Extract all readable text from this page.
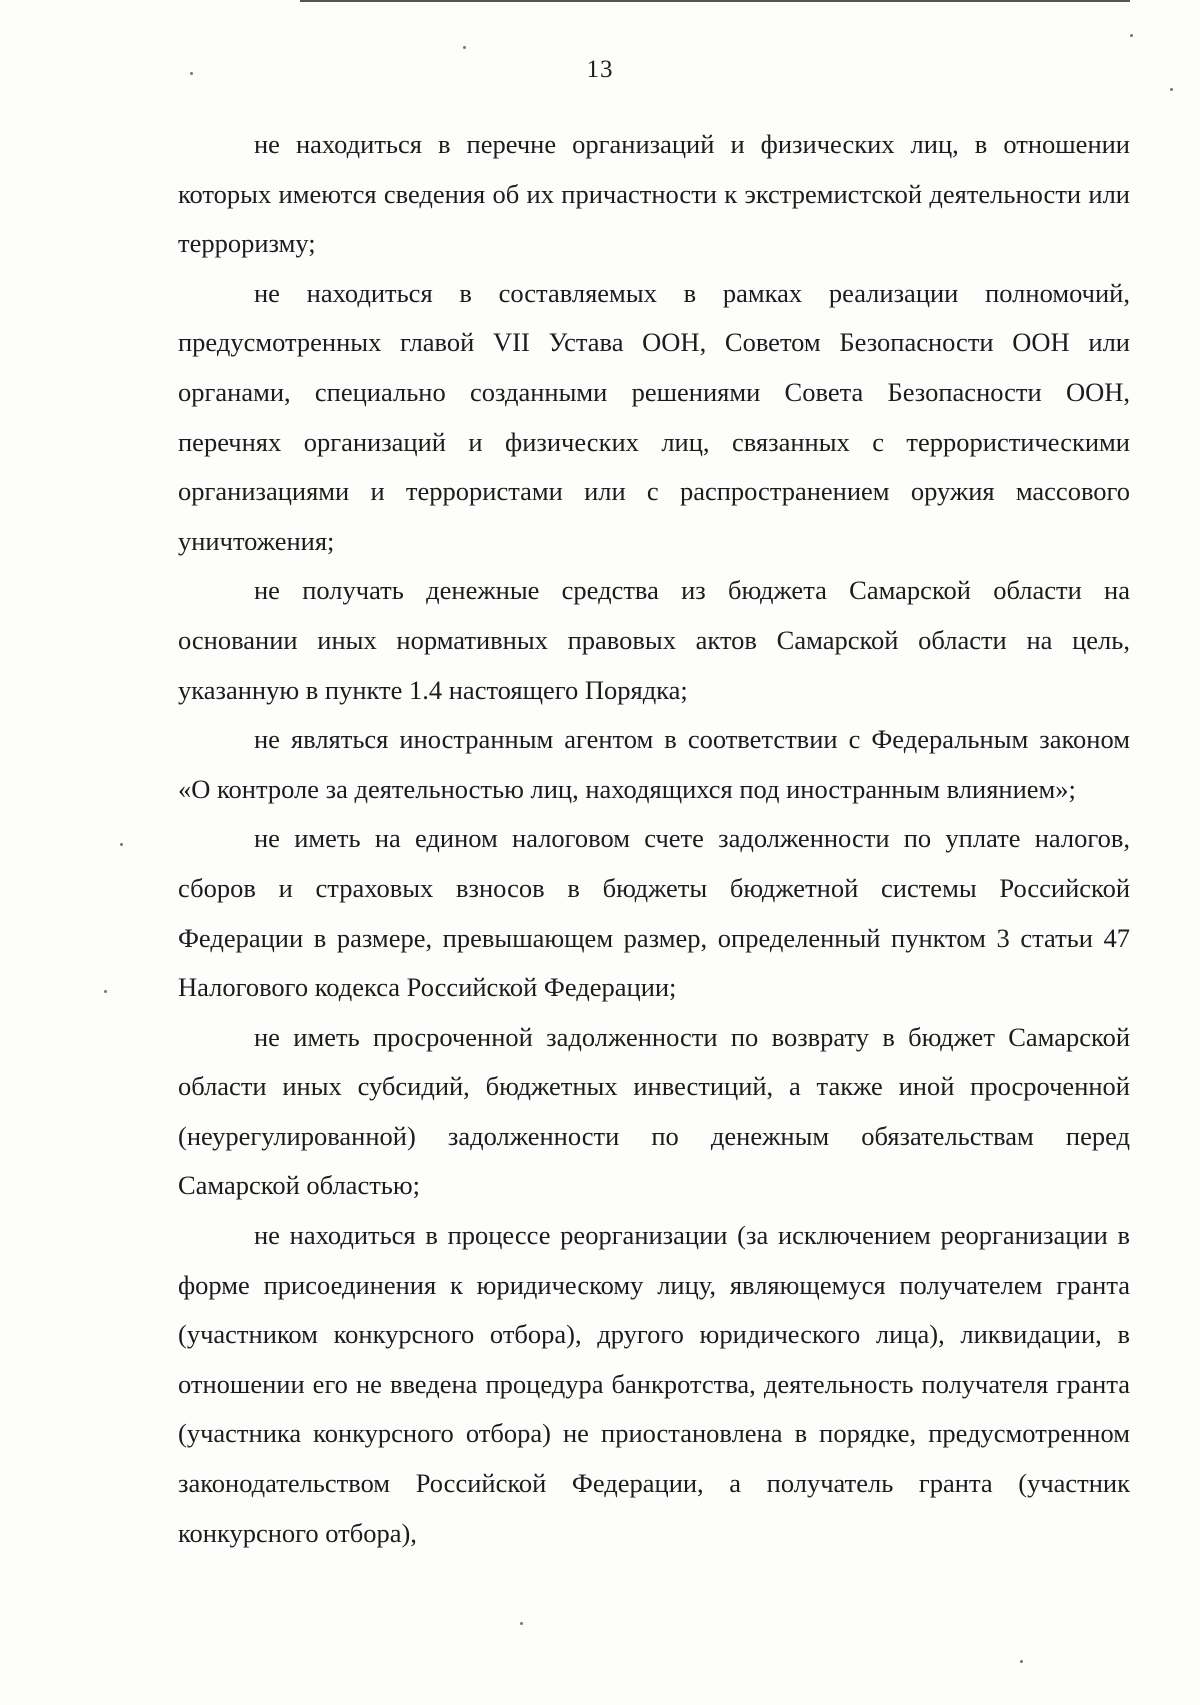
13

не находиться в перечне организаций и физических лиц, в отношении которых имеются сведения об их причастности к экстремистской деятельности или терроризму;

не находиться в составляемых в рамках реализации полномочий, предусмотренных главой VII Устава ООН, Советом Безопасности ООН или органами, специально созданными решениями Совета Безопасности ООН, перечнях организаций и физических лиц, связанных с террористическими организациями и террористами или с распространением оружия массового уничтожения;

не получать денежные средства из бюджета Самарской области на основании иных нормативных правовых актов Самарской области на цель, указанную в пункте 1.4 настоящего Порядка;

не являться иностранным агентом в соответствии с Федеральным законом «О контроле за деятельностью лиц, находящихся под иностранным влиянием»;

не иметь на едином налоговом счете задолженности по уплате налогов, сборов и страховых взносов в бюджеты бюджетной системы Российской Федерации в размере, превышающем размер, определенный пунктом 3 статьи 47 Налогового кодекса Российской Федерации;

не иметь просроченной задолженности по возврату в бюджет Самарской области иных субсидий, бюджетных инвестиций, а также иной просроченной (неурегулированной) задолженности по денежным обязательствам перед Самарской областью;

не находиться в процессе реорганизации (за исключением реорганизации в форме присоединения к юридическому лицу, являющемуся получателем гранта (участником конкурсного отбора), другого юридического лица), ликвидации, в отношении его не введена процедура банкротства, деятельность получателя гранта (участника конкурсного отбора) не приостановлена в порядке, предусмотренном законодательством Российской Федерации, а получатель гранта (участник конкурсного отбора),
